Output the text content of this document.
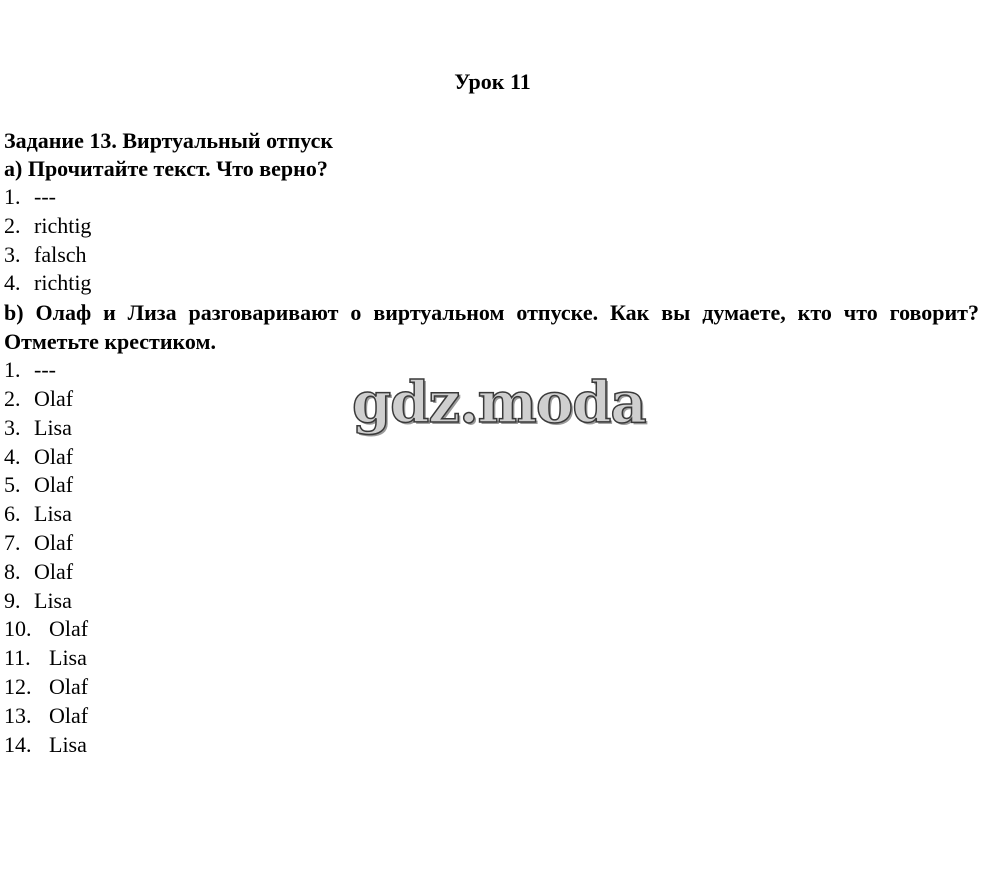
Урок 11
Задание 13. Виртуальный отпуск
a) Прочитайте текст. Что верно?
1. ---
2. richtig
3. falsch
4. richtig
b) Олаф и Лиза разговаривают о виртуальном отпуске. Как вы думаете, кто что говорит? Отметьте крестиком.
1. ---
2. Olaf
3. Lisa
4. Olaf
5. Olaf
6. Lisa
7. Olaf
8. Olaf
9. Lisa
10. Olaf
11. Lisa
12. Olaf
13. Olaf
14. Lisa
gdz.moda
